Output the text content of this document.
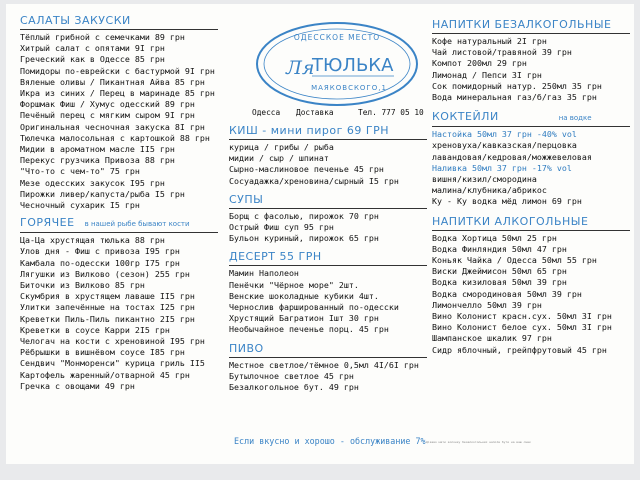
САЛАТЫ ЗАКУСКИ
Тёплый грибной с семечками 89 грн
Хитрый салат с опятами 9I грн
Греческий как в Одессе 85 грн
Помидоры по-еврейски с бастурмой 9I грн
Вяленые оливы / Пикантная Айва 85 грн
Икра из синих / Перец в маринаде 85 грн
Форшмак Фиш / Хумус одесский 89 грн
Печёный перец с мягким сыром 9I грн
Оригинальная чесночная закуска 8I грн
Тюлечка малосольная с картошкой 88 грн
Мидии в ароматном масле II5 грн
Перекус грузчика Привоза 88 грн
"Что-то с чем-то" 75 грн
Мезе одесских закусок I95 грн
Пирожки ливер/капуста/рыба I5 грн
Чесночный сухарик I5 грн
ГОРЯЧЕЕ в нашей рыбе бывают кости
Ца-Ца хрустящая тюлька 88 грн
Улов дня - Фиш с привоза I95 грн
Камбала по-одесски 100гр I75 грн
Лягушки из Вилково (сезон) 255 грн
Биточки из Вилково 85 грн
Скумбрия в хрустящем лаваше II5 грн
Улитки запечённые на тостах I25 грн
Креветки Пиль-Пиль пикантно 2I5 грн
Креветки в соусе Карри 2I5 грн
Челогач на кости с хреновиной I95 грн
Рёбрышки в вишнёвом соусе I85 грн
Сендвич "Монморенси" курица гриль II5
Картофель жаренный/отварной 45 грн
Гречка с овощами 49 грн
ОДЕССКОЕ МЕСТО
Ля
ТЮЛЬКА
МАЯКОВСКОГО,1
Одесса Доставка	Тел. 777 05 10
КИШ - мини пирог 69 ГРН
курица / грибы / рыба
мидии / сыр / шпинат
Сырно-маслиновое печенье 45 грн
Сосуадажка/хреновина/сырный I5 грн
СУПЫ
Борщ с фасолью, пирожок 70 грн
Острый Фиш суп 95 грн
Бульон куриный, пирожок 65 грн
ДЕСЕРТ 55 ГРН
Мамин Наполеон
Пенёчки "Чёрное море" 2шт.
Венские шоколадные кубики 4шт.
Чернослив фаршированный по-одесски
Хрустящий Багратион Iшт 30 грн
Необычайное печенье порц. 45 грн
ПИВО
Местное светлое/тёмное 0,5мл 4I/6I грн
Бутылочное светлое 45 грн
Безалкогольное бут. 49 грн
НАПИТКИ БЕЗАЛКОГОЛЬНЫЕ
Кофе натуральный 2I грн
Чай листовой/травяной 39 грн
Компот 200мл 29 грн
Лимонад / Пепси 3I грн
Сок помидорный натур. 250мл 35 грн
Вода минеральная газ/б/газ 35 грн
КОКТЕЙЛИ	на водке
Настойка 50мл 37 грн -40% vol
хреновуха/кавказская/перцовка
лавандовая/кедровая/можжевеловая
Наливка 50мл 37 грн -17% vol
вишня/кизил/смородина
малина/клубника/абрикос
Ку - Ку водка мёд лимон 69 грн
НАПИТКИ АЛКОГОЛЬНЫЕ
Водка Хортица 50мл 25 грн
Водка Финляндия 50мл 47 грн
Коньяк Чайка / Одесса 50мл 55 грн
Виски Джеймисон 50мл 65 грн
Водка кизиловая 50мл 39 грн
Водка смородиновая 50мл 39 грн
Лимончелло 50мл 39 грн
Вино Колонист красн.сух. 50мл 3I грн
Вино Колонист белое сух. 50мл 3I грн
Шампанское шкалик 97 грн
Сидр яблочный, грейпфрутовый 45 грн
Если вкусно и хорошо - обслуживание 7% Цікаво мати колонку безалкогольних напоїв бути на ваш смак
